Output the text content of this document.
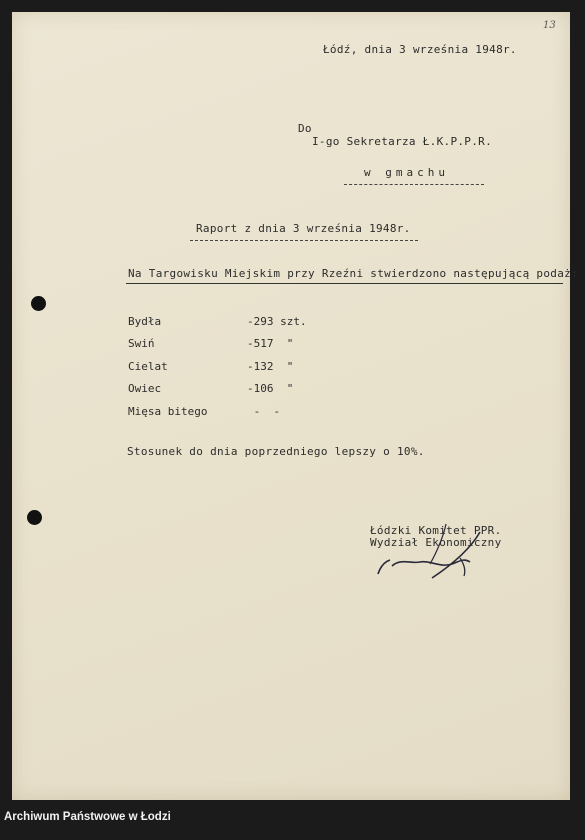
13
Łódź, dnia 3 września 1948r.
Do
I-go Sekretarza Ł.K.P.P.R.
w gmachu
Raport z dnia 3 września 1948r.
Na Targowisku Miejskim przy Rzeźni stwierdzono następującą podaż:
Bydła	-293 szt.
Swiń	-517  "
Cielat	-132  "
Owiec	-106  "
Mięsa bitego	-  -
Stosunek do dnia poprzedniego lepszy o 10%.
Łódzki Komitet PPR.
Wydział Ekonomiczny
Archiwum Państwowe w Łodzi
